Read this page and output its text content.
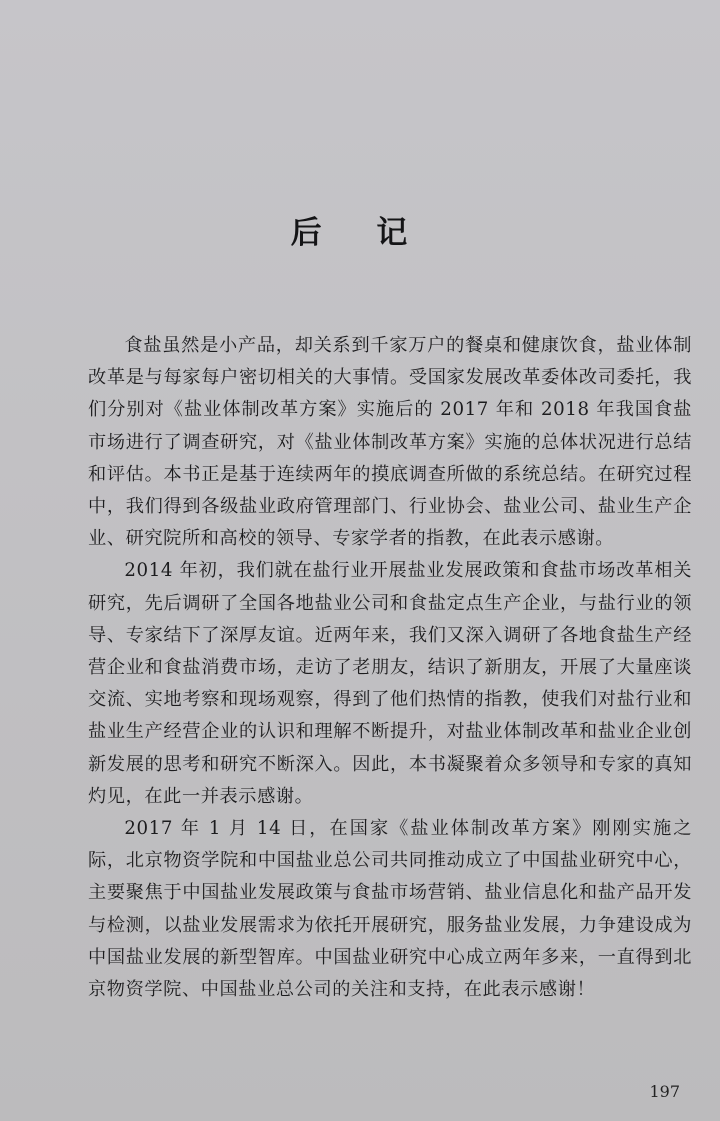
后 记

食盐虽然是小产品，却关系到千家万户的餐桌和健康饮食，盐业体制改革是与每家每户密切相关的大事情。受国家发展改革委体改司委托，我们分别对《盐业体制改革方案》实施后的 2017 年和 2018 年我国食盐市场进行了调查研究，对《盐业体制改革方案》实施的总体状况进行总结和评估。本书正是基于连续两年的摸底调查所做的系统总结。在研究过程中，我们得到各级盐业政府管理部门、行业协会、盐业公司、盐业生产企业、研究院所和高校的领导、专家学者的指教，在此表示感谢。

2014 年初，我们就在盐行业开展盐业发展政策和食盐市场改革相关研究，先后调研了全国各地盐业公司和食盐定点生产企业，与盐行业的领导、专家结下了深厚友谊。近两年来，我们又深入调研了各地食盐生产经营企业和食盐消费市场，走访了老朋友，结识了新朋友，开展了大量座谈交流、实地考察和现场观察，得到了他们热情的指教，使我们对盐行业和盐业生产经营企业的认识和理解不断提升，对盐业体制改革和盐业企业创新发展的思考和研究不断深入。因此，本书凝聚着众多领导和专家的真知灼见，在此一并表示感谢。

2017 年 1 月 14 日，在国家《盐业体制改革方案》刚刚实施之际，北京物资学院和中国盐业总公司共同推动成立了中国盐业研究中心，主要聚焦于中国盐业发展政策与食盐市场营销、盐业信息化和盐产品开发与检测，以盐业发展需求为依托开展研究，服务盐业发展，力争建设成为中国盐业发展的新型智库。中国盐业研究中心成立两年多来，一直得到北京物资学院、中国盐业总公司的关注和支持，在此表示感谢！

197
